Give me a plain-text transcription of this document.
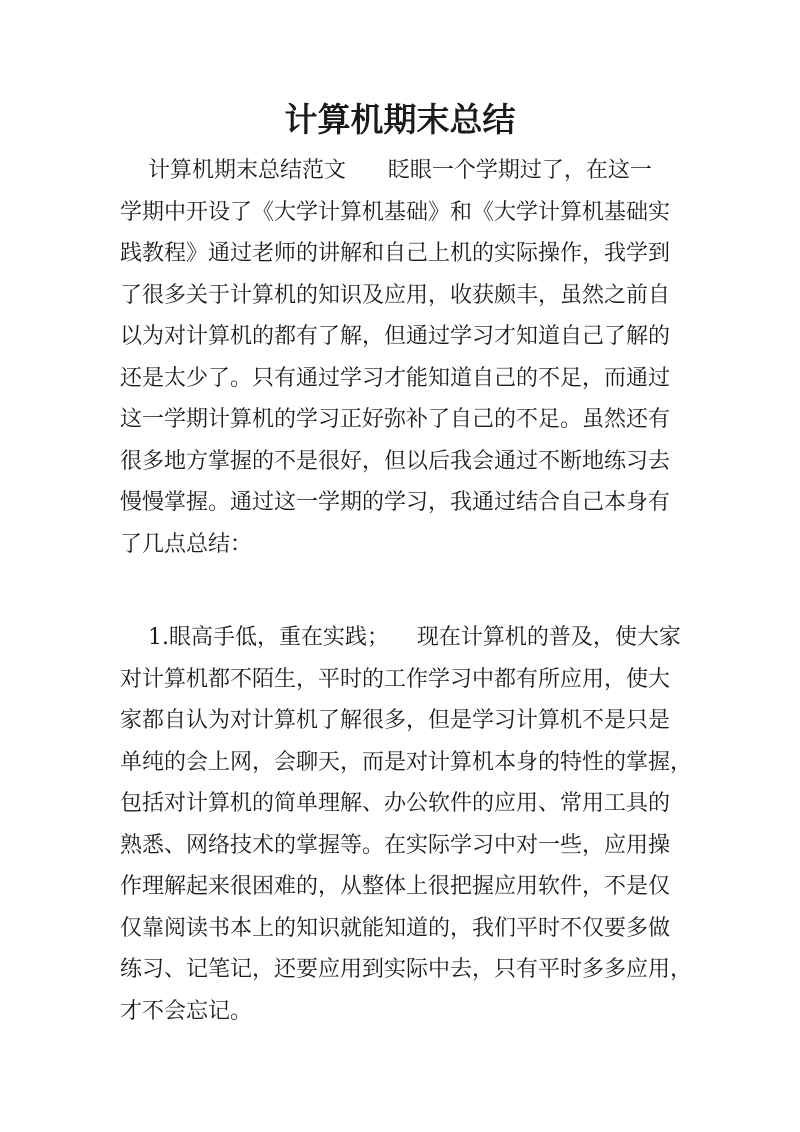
计算机期末总结
计算机期末总结范文      眨眼一个学期过了，在这一
学期中开设了《大学计算机基础》和《大学计算机基础实
践教程》通过老师的讲解和自己上机的实际操作，我学到
了很多关于计算机的知识及应用，收获颇丰，虽然之前自
以为对计算机的都有了解，但通过学习才知道自己了解的
还是太少了。只有通过学习才能知道自己的不足，而通过
这一学期计算机的学习正好弥补了自己的不足。虽然还有
很多地方掌握的不是很好，但以后我会通过不断地练习去
慢慢掌握。通过这一学期的学习，我通过结合自己本身有
了几点总结：
1.眼高手低，重在实践；    现在计算机的普及，使大家
对计算机都不陌生，平时的工作学习中都有所应用，使大
家都自认为对计算机了解很多，但是学习计算机不是只是
单纯的会上网，会聊天，而是对计算机本身的特性的掌握，
包括对计算机的简单理解、办公软件的应用、常用工具的
熟悉、网络技术的掌握等。在实际学习中对一些，应用操
作理解起来很困难的，从整体上很把握应用软件，不是仅
仅靠阅读书本上的知识就能知道的，我们平时不仅要多做
练习、记笔记，还要应用到实际中去，只有平时多多应用，
才不会忘记。
